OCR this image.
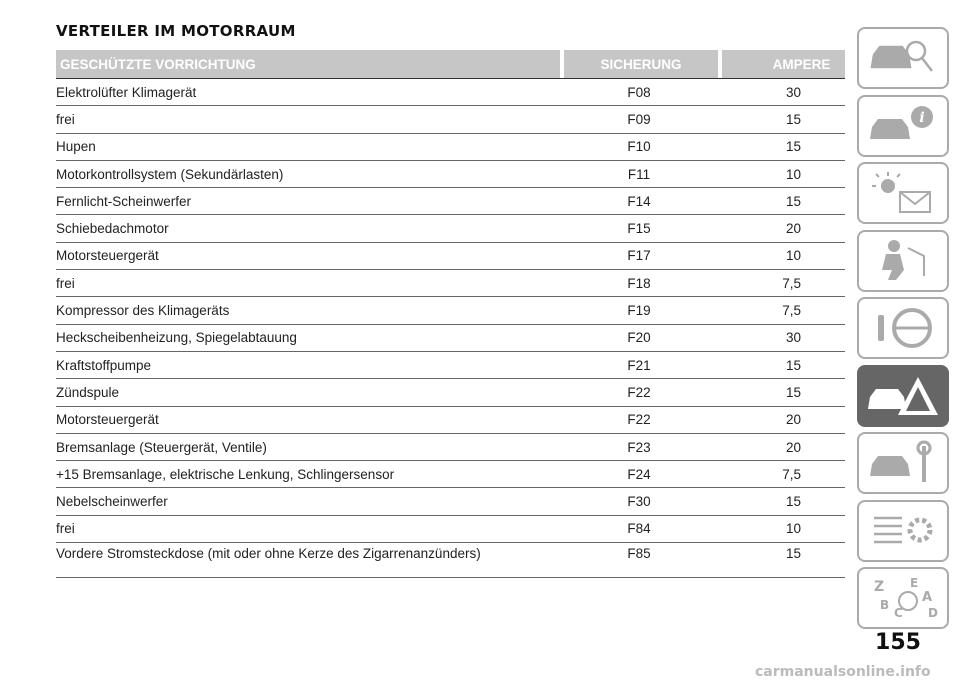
VERTEILER IM MOTORRAUM
GESCHÜTZTE VORRICHTUNG	SICHERUNG	AMPERE
Elektrolüfter Klimagerät	F08	30
frei	F09	15
Hupen	F10	15
Motorkontrollsystem (Sekundärlasten)	F11	10
Fernlicht-Scheinwerfer	F14	15
Schiebedachmotor	F15	20
Motorsteuergerät	F17	10
frei	F18	7,5
Kompressor des Klimageräts	F19	7,5
Heckscheibenheizung, Spiegelabtauung	F20	30
Kraftstoffpumpe	F21	15
Zündspule	F22	15
Motorsteuergerät	F22	20
Bremsanlage (Steuergerät, Ventile)	F23	20
+15 Bremsanlage, elektrische Lenkung, Schlingersensor	F24	7,5
Nebelscheinwerfer	F30	15
frei	F84	10
Vordere Stromsteckdose (mit oder ohne Kerze des Zigarrenanzünders)	F85	15
i
Z E
A
B
C D
155
carmanualsonline.info
